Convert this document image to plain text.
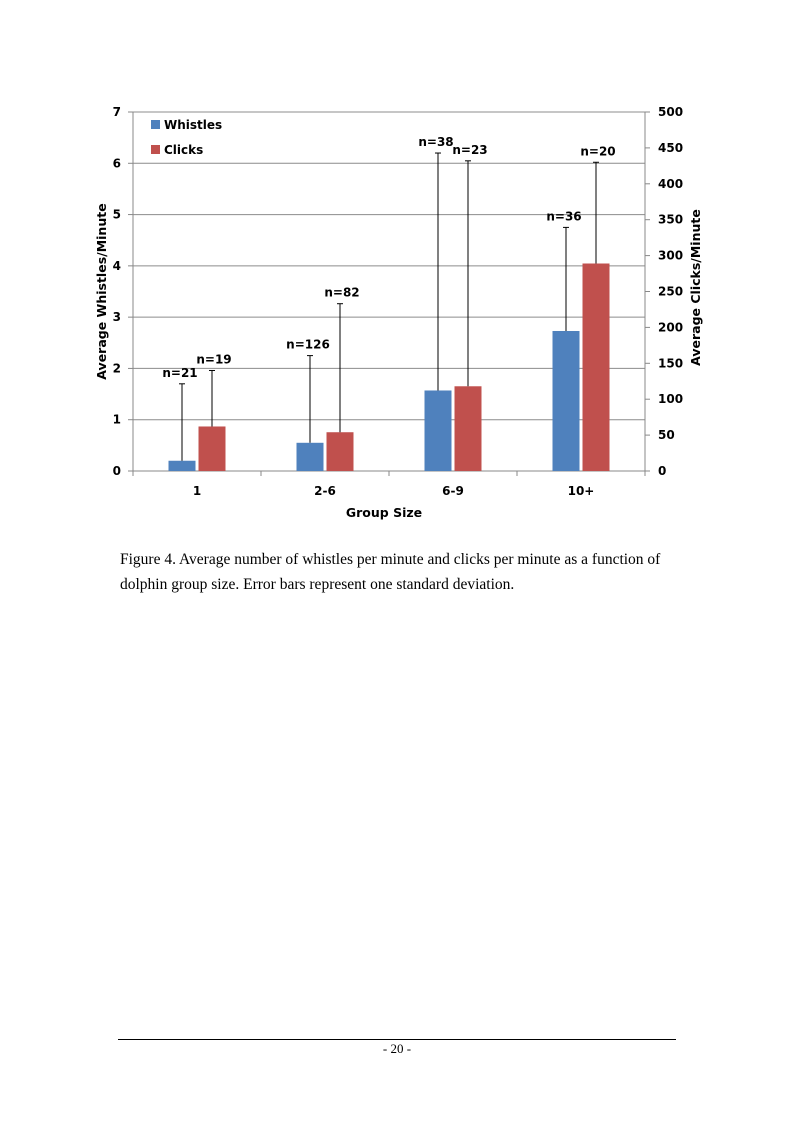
0
1
2
3
4
5
6
7
0
50
100
150
200
250
300
350
400
450
500
1	2-6	6-9	10+
Group Size
Average Whistles/Minute	Average Clicks/Minute
n=21
n=126
n=38
n=36
n=19
n=82
n=23	n=20
Whistles
Clicks

Figure 4. Average number of whistles per minute and clicks per minute as a function of dolphin group size. Error bars represent one standard deviation.

- 20 -
